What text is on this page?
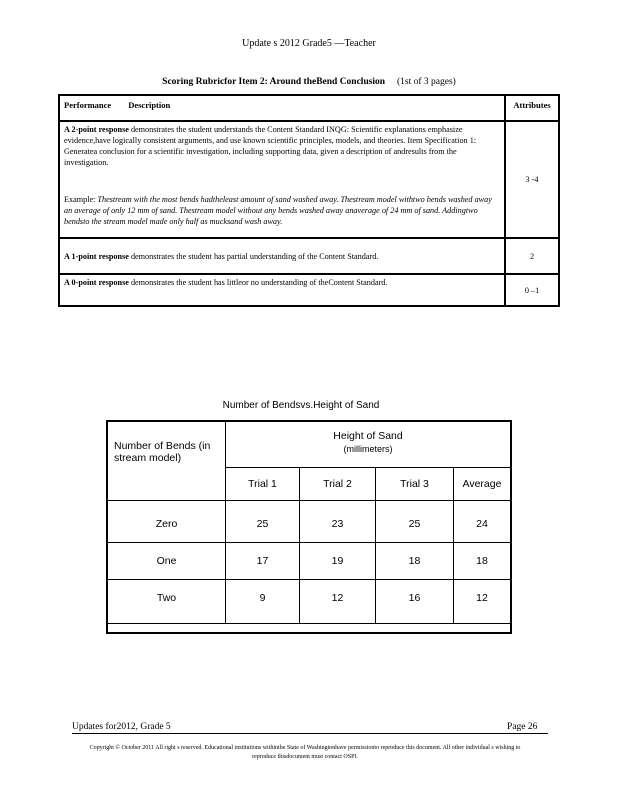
Update s 2012 Grade5 —Teacher
Scoring Rubricfor Item 2: Around theBend Conclusion (1st of 3 pages)
Performance Description	Attributes
A 2-point response demonstrates the student understands the Content Standard INQG: Scientific explanations emphasize evidence,have logically consistent arguments, and use known scientific principles, models, and theories. Item Specification 1: Generatea conclusion for a scientific investigation, including supporting data, given a description of andresults from the investigation.
Example: Thestream with the most bends hadtheleast amount of sand washed away. Thestream model withtwo bends washed away an average of only 12 mm of sand. Thestream model without any bends washed away anaverage of 24 mm of sand. Addingtwo bendsto the stream model made only half as mucksand wash away.	3 -4
A 1-point response demonstrates the student has partial understanding of the Content Standard.	2
A 0-point response demonstrates the student has littleor no understanding of theContent Standard.	0 –1
Number of Bendsvs.Height of Sand
Number of Bends (in stream model)	Height of Sand
(millimeters)			

	Trial 1	Trial 2	Trial 3	Average
Zero	25	23	25	24
One	17	19	18	18
Two	9	12	16	12

Updates for2012, Grade 5	Page 26
Copyright © October 2011 All right s reserved. Educational institutions withinthe State of Washingtonhave permissionto reproduce this document. All other individual s wishing to reproduce thisdocument must contact OSPI.
